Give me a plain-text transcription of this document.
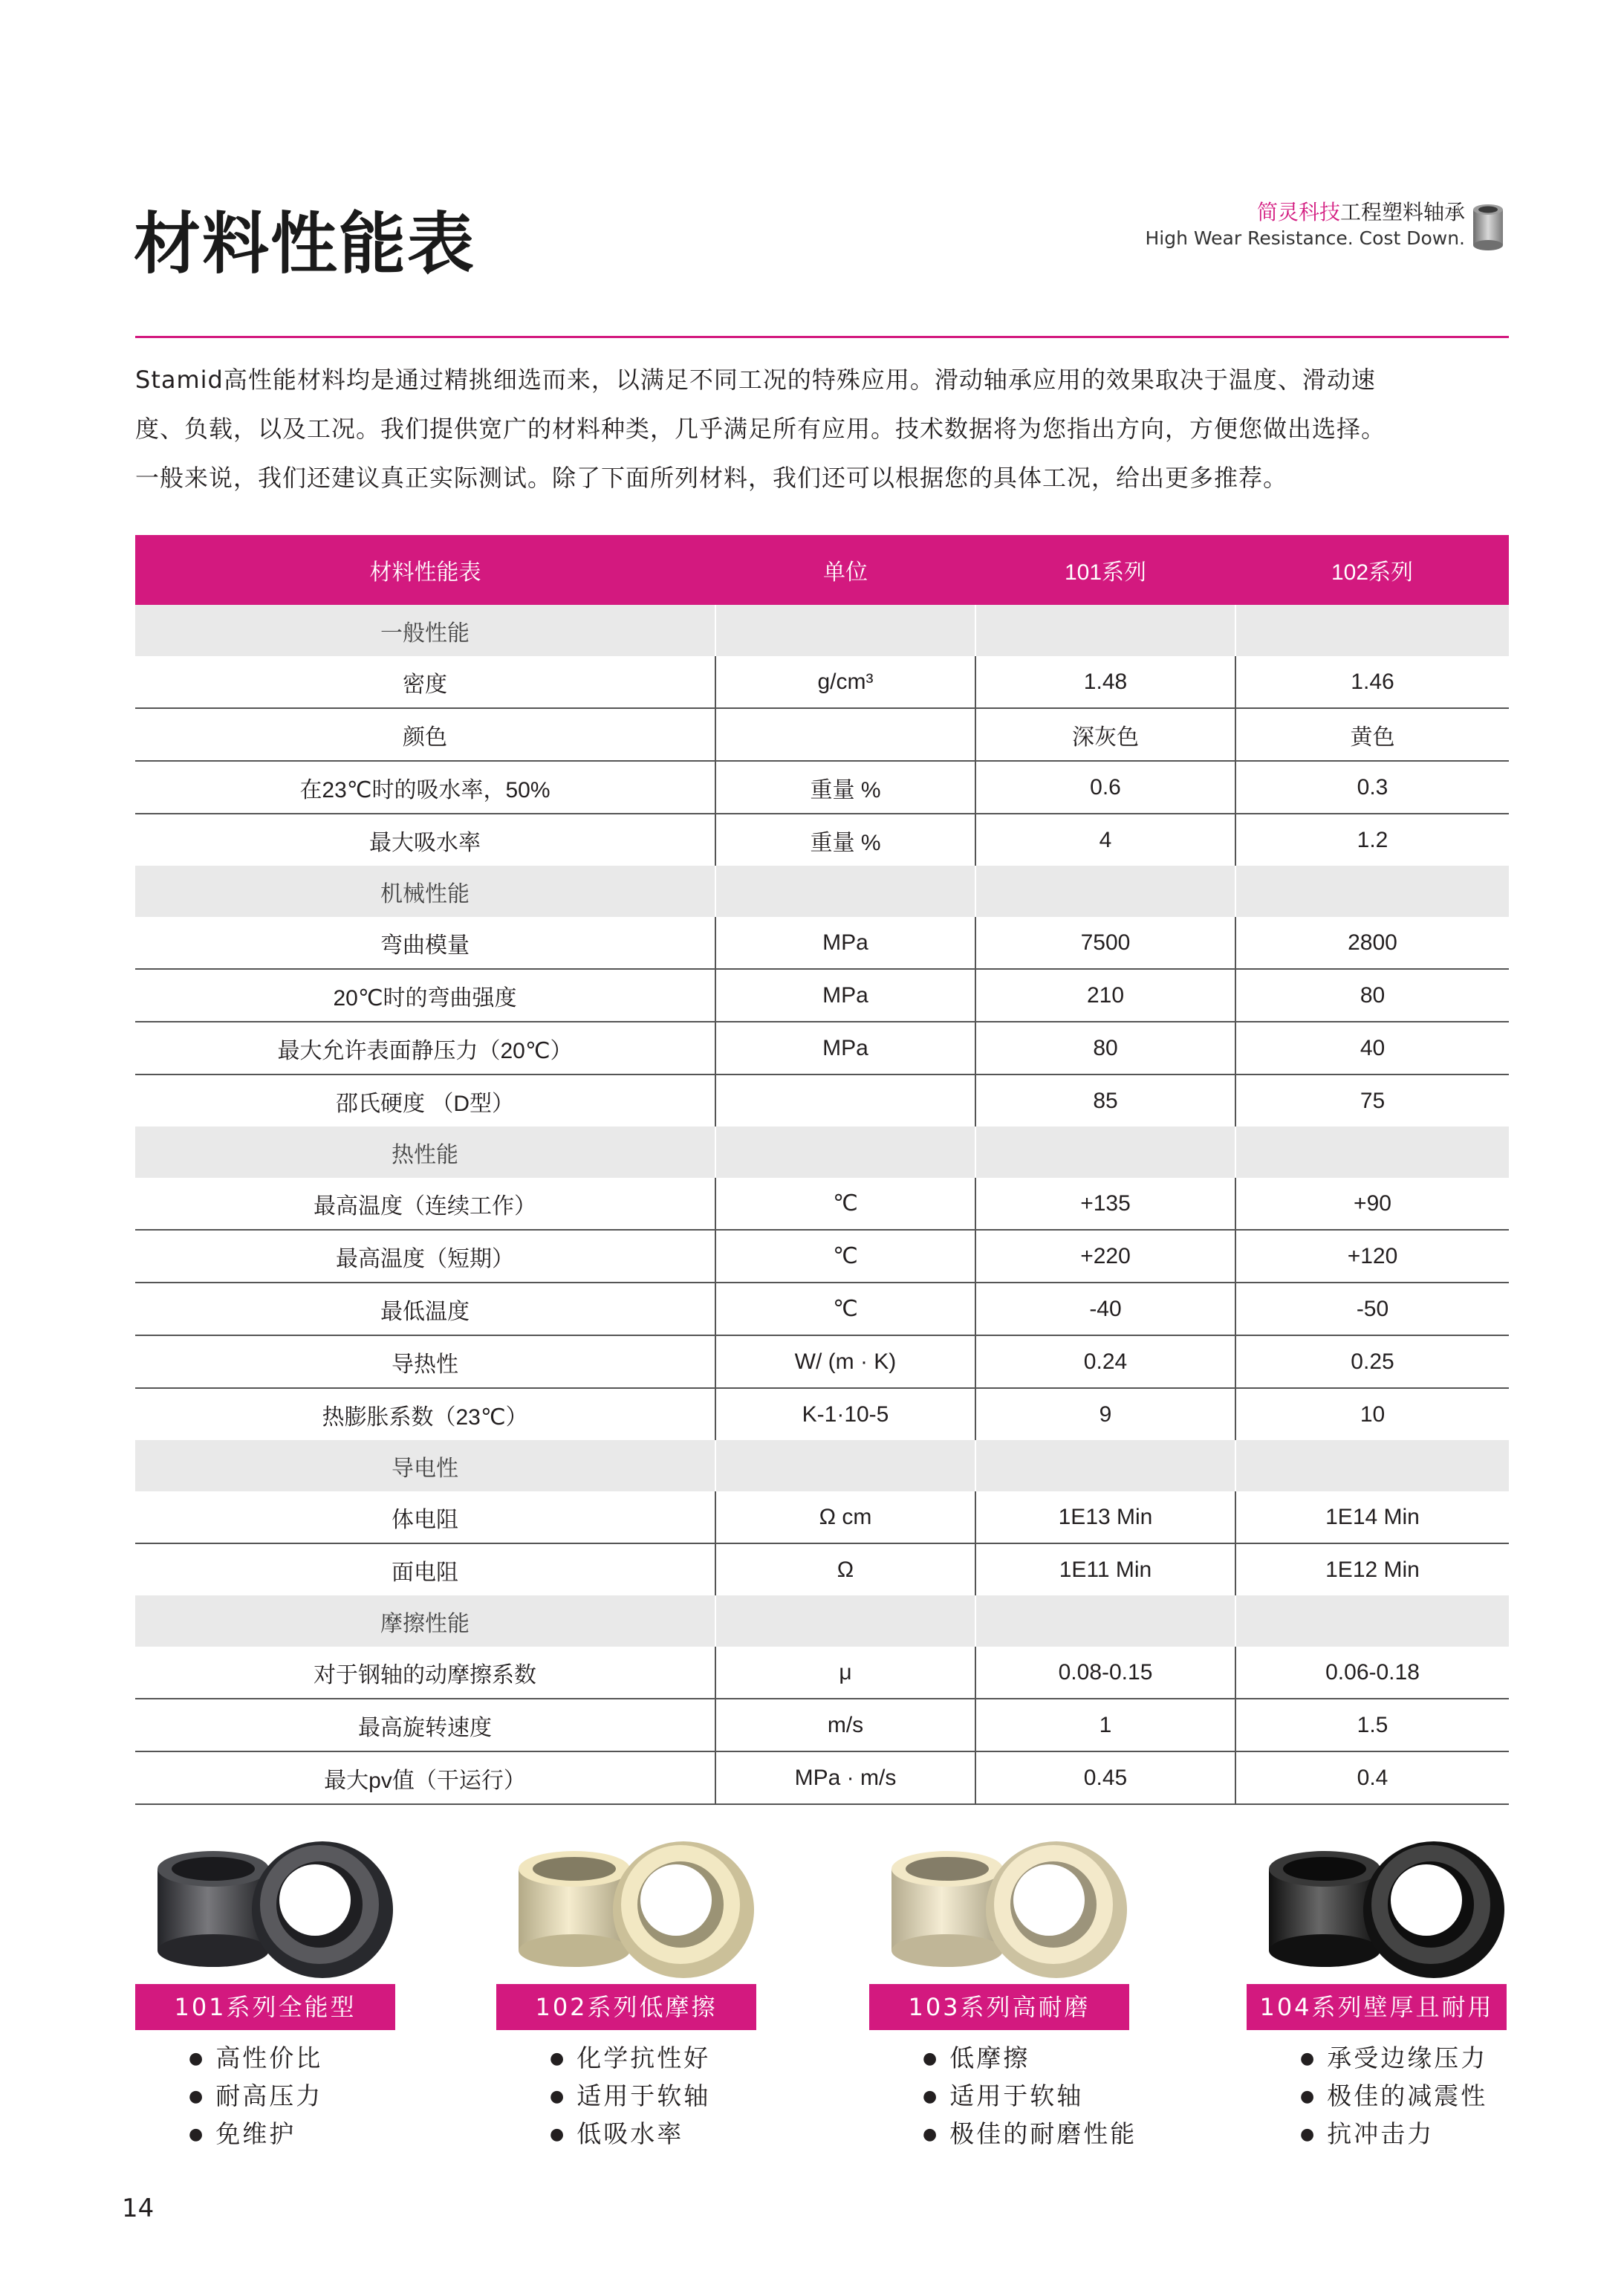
材料性能表	简灵科技工程塑料轴承
High Wear Resistance. Cost Down.

Stamid高性能材料均是通过精挑细选而来，以满足不同工况的特殊应用。滑动轴承应用的效果取决于温度、滑动速

度、负载，以及工况。我们提供宽广的材料种类，几乎满足所有应用。技术数据将为您指出方向，方便您做出选择。

一般来说，我们还建议真正实际测试。除了下面所列材料，我们还可以根据您的具体工况，给出更多推荐。

材料性能表	单位	101系列	102系列
一般性能			
密度	g/cm³	1.48	1.46
颜色		深灰色	黄色
在23℃时的吸水率，50%	重量 %	0.6	0.3
最大吸水率	重量 %	4	1.2
机械性能			
弯曲模量	MPa	7500	2800
20℃时的弯曲强度	MPa	210	80
最大允许表面静压力（20℃）	MPa	80	40
邵氏硬度 （D型）		85	75
热性能			
最高温度（连续工作）	℃	+135	+90
最高温度（短期）	℃	+220	+120
最低温度	℃	-40	-50
导热性	W/ (m · K)	0.24	0.25
热膨胀系数（23℃）	K-1·10-5	9	10
导电性			
体电阻	Ω cm	1E13 Min	1E14 Min
面电阻	Ω	1E11 Min	1E12 Min
摩擦性能			
对于钢轴的动摩擦系数	μ	0.08-0.15	0.06-0.18
最高旋转速度	m/s	1	1.5
最大pv值（干运行）	MPa · m/s	0.45	0.4
101系列全能型
● 高性价比
● 耐高压力
● 免维护
102系列低摩擦
● 化学抗性好
● 适用于软轴
● 低吸水率
103系列高耐磨
● 低摩擦
● 适用于软轴
● 极佳的耐磨性能
104系列壁厚且耐用
● 承受边缘压力
● 极佳的减震性
● 抗冲击力
14
